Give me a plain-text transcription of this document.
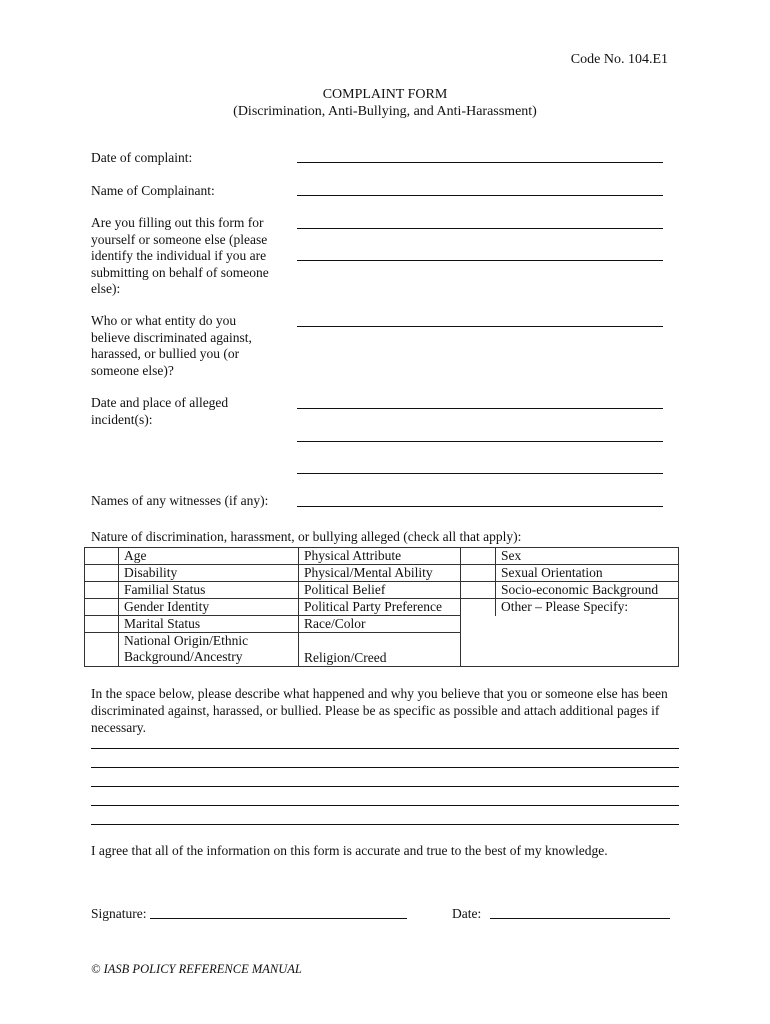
Code No. 104.E1
COMPLAINT FORM
(Discrimination, Anti-Bullying, and Anti-Harassment)
Date of complaint:
Name of Complainant:
Are you filling out this form for yourself or someone else (please identify the individual if you are submitting on behalf of someone else):
Who or what entity do you believe discriminated against, harassed, or bullied you (or someone else)?
Date and place of alleged incident(s):
Names of any witnesses (if any):
Nature of discrimination, harassment, or bullying alleged (check all that apply):
	Age	Physical Attribute		Sex
	Disability	Physical/Mental Ability		Sexual Orientation
	Familial Status	Political Belief		Socio-economic Background
	Gender Identity	Political Party Preference		Other – Please Specify:
	Marital Status	Race/Color		
	National Origin/Ethnic Background/Ancestry	Religion/Creed		
In the space below, please describe what happened and why you believe that you or someone else has been discriminated against, harassed, or bullied. Please be as specific as possible and attach additional pages if necessary.
I agree that all of the information on this form is accurate and true to the best of my knowledge.
Signature:	Date:
© IASB POLICY REFERENCE MANUAL
